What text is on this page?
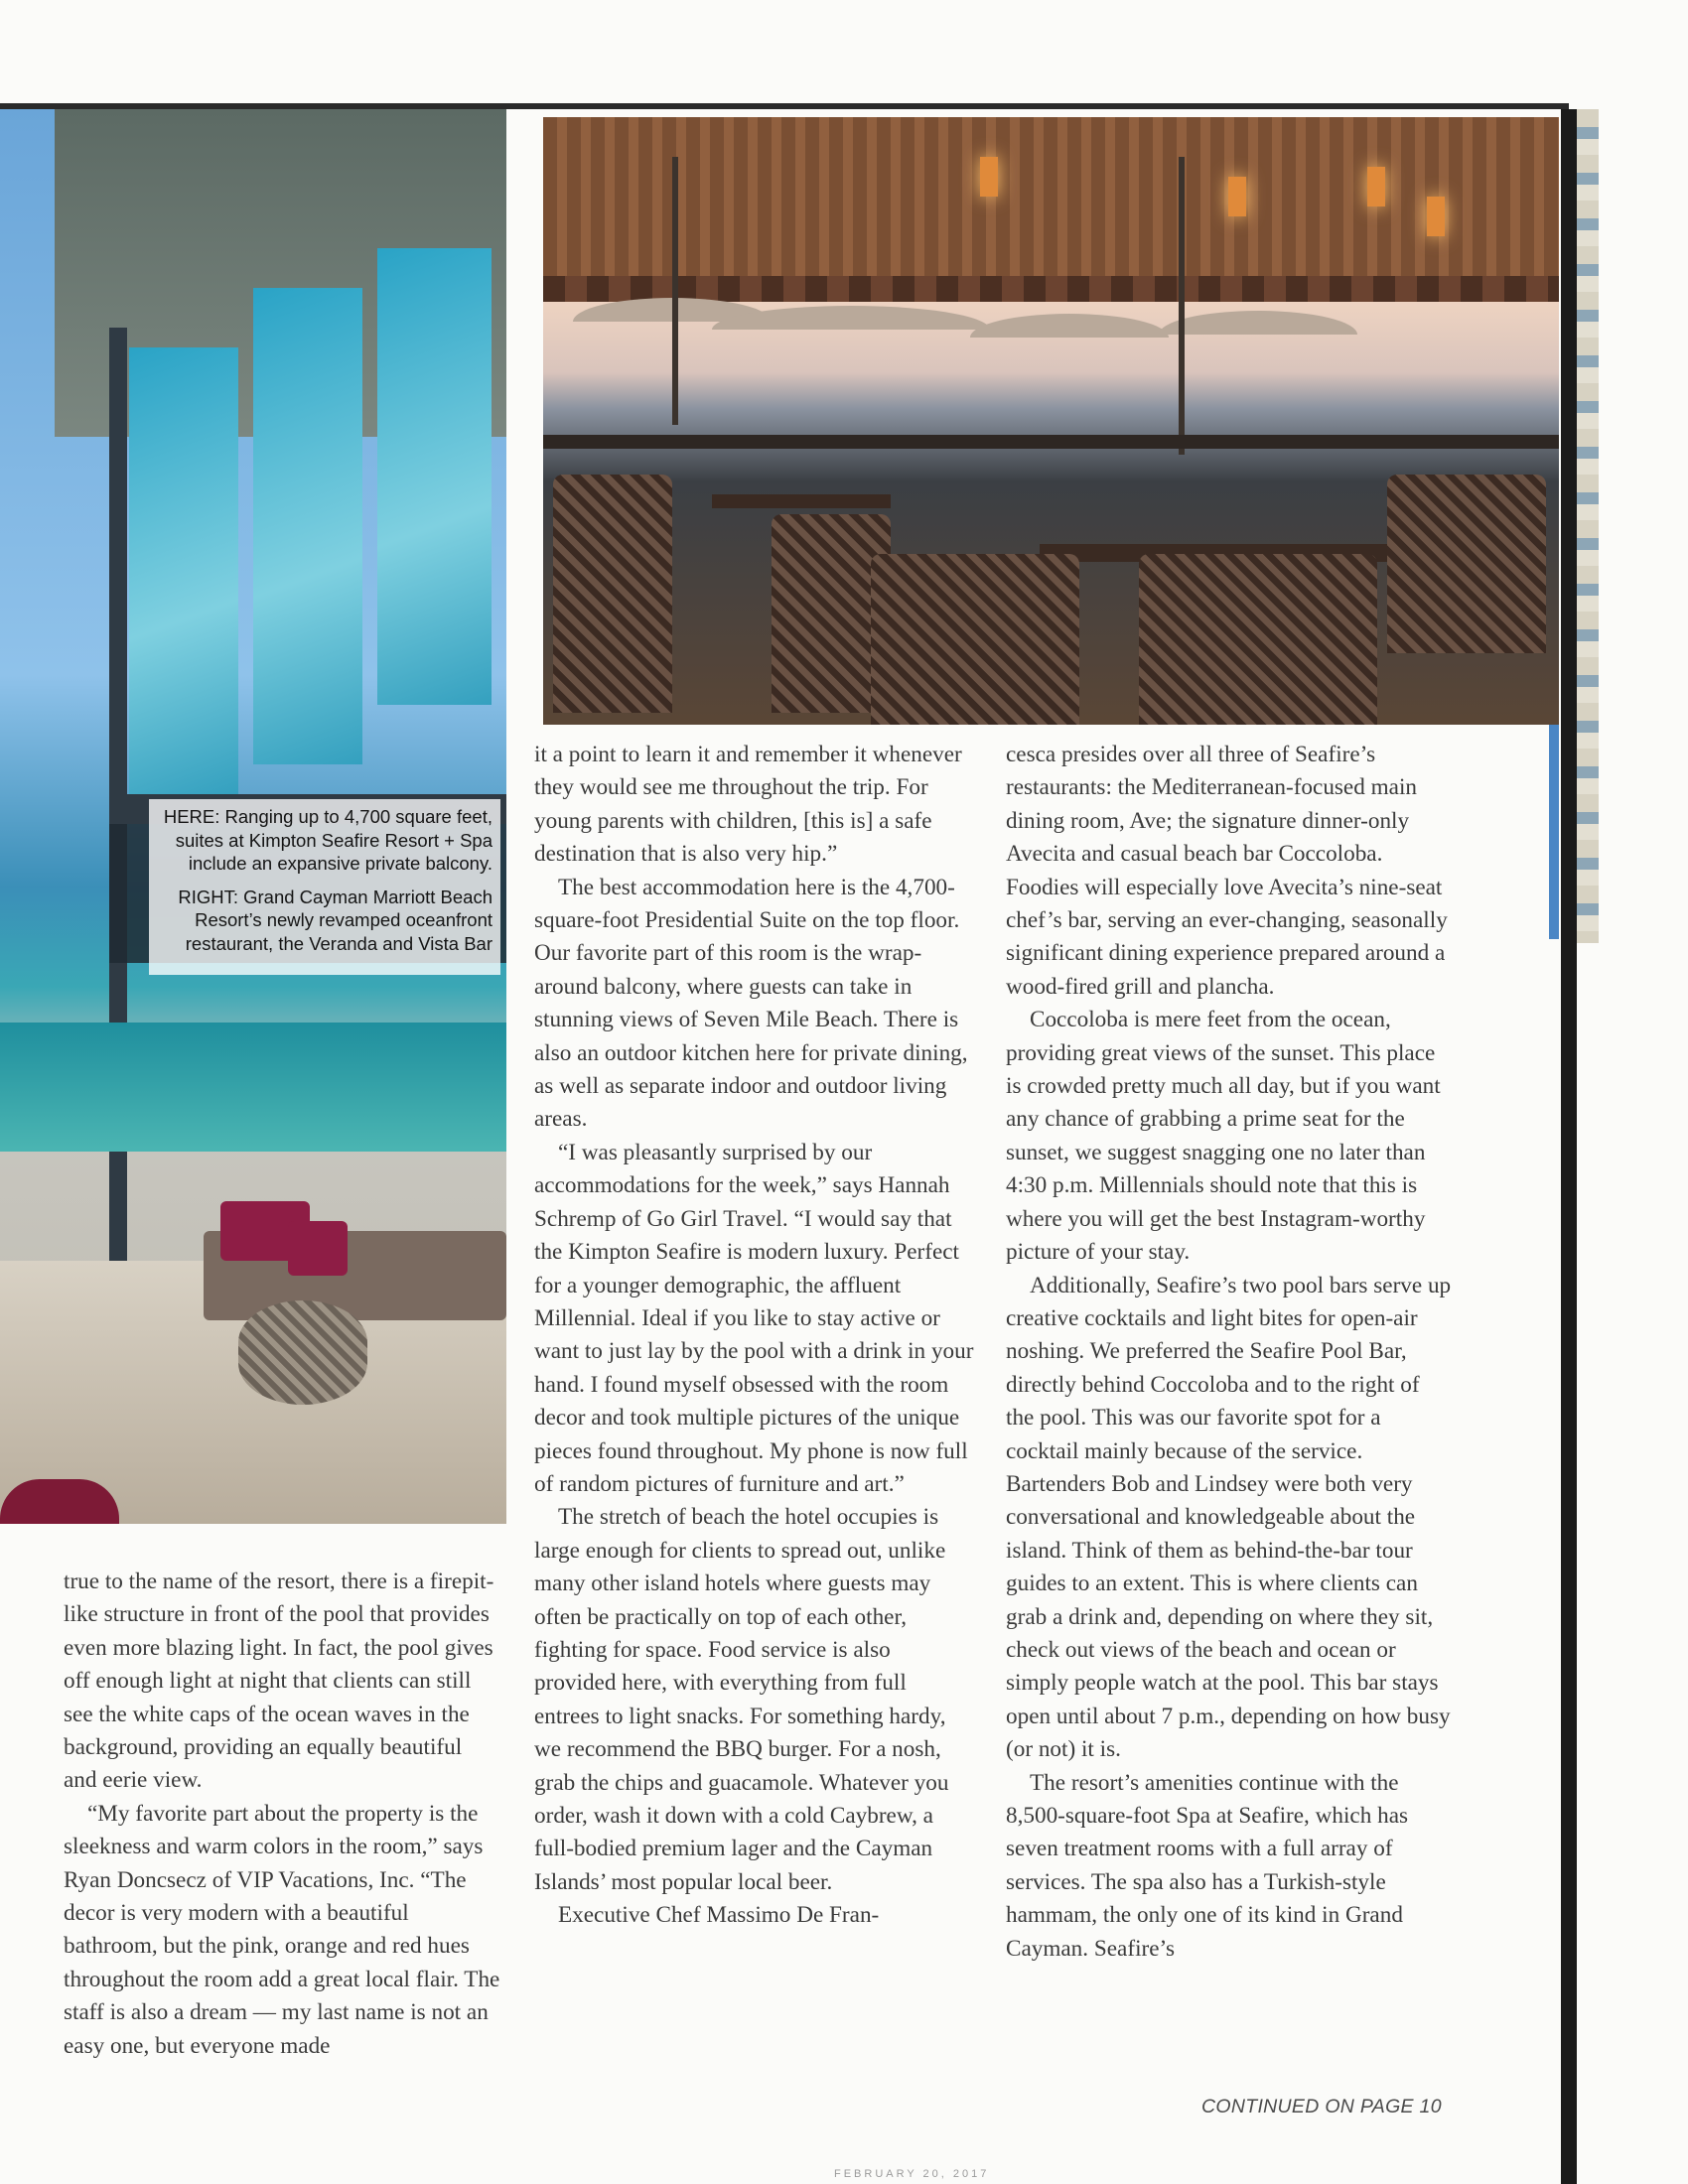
HERE: Ranging up to 4,700 square feet, suites at Kimpton Seafire Resort + Spa include an expansive private balcony.

RIGHT: Grand Cayman Marriott Beach Resort’s newly revamped oceanfront restaurant, the Veranda and Vista Bar

true to the name of the resort, there is a firepit-like structure in front of the pool that provides even more blazing light. In fact, the pool gives off enough light at night that clients can still see the white caps of the ocean waves in the background, providing an equally beautiful and eerie view.

“My favorite part about the property is the sleekness and warm colors in the room,” says Ryan Doncsecz of VIP Vacations, Inc. “The decor is very modern with a beautiful bathroom, but the pink, orange and red hues throughout the room add a great local flair. The staff is also a dream — my last name is not an easy one, but everyone made

it a point to learn it and remember it whenever they would see me throughout the trip. For young parents with children, [this is] a safe destination that is also very hip.”

The best accommodation here is the 4,700-square-foot Presidential Suite on the top floor. Our favorite part of this room is the wrap-around balcony, where guests can take in stunning views of Seven Mile Beach. There is also an outdoor kitchen here for private dining, as well as separate indoor and outdoor living areas.

“I was pleasantly surprised by our accommodations for the week,” says Hannah Schremp of Go Girl Travel. “I would say that the Kimpton Seafire is modern luxury. Perfect for a younger demographic, the affluent Millennial. Ideal if you like to stay active or want to just lay by the pool with a drink in your hand. I found myself obsessed with the room decor and took multiple pictures of the unique pieces found throughout. My phone is now full of random pictures of furniture and art.”

The stretch of beach the hotel occupies is large enough for clients to spread out, unlike many other island hotels where guests may often be practically on top of each other, fighting for space. Food service is also provided here, with everything from full entrees to light snacks. For something hardy, we recommend the BBQ burger. For a nosh, grab the chips and guacamole. Whatever you order, wash it down with a cold Caybrew, a full-bodied premium lager and the Cayman Islands’ most popular local beer.

Executive Chef Massimo De Fran-

cesca presides over all three of Seafire’s restaurants: the Mediterranean-focused main dining room, Ave; the signature dinner-only Avecita and casual beach bar Coccoloba. Foodies will especially love Avecita’s nine-seat chef’s bar, serving an ever-changing, seasonally significant dining experience prepared around a wood-fired grill and plancha.

Coccoloba is mere feet from the ocean, providing great views of the sunset. This place is crowded pretty much all day, but if you want any chance of grabbing a prime seat for the sunset, we suggest snagging one no later than 4:30 p.m. Millennials should note that this is where you will get the best Instagram-worthy picture of your stay.

Additionally, Seafire’s two pool bars serve up creative cocktails and light bites for open-air noshing. We preferred the Seafire Pool Bar, directly behind Coccoloba and to the right of the pool. This was our favorite spot for a cocktail mainly because of the service. Bartenders Bob and Lindsey were both very conversational and knowledgeable about the island. Think of them as behind-the-bar tour guides to an extent. This is where clients can grab a drink and, depending on where they sit, check out views of the beach and ocean or simply people watch at the pool. This bar stays open until about 7 p.m., depending on how busy (or not) it is.

The resort’s amenities continue with the 8,500-square-foot Spa at Seafire, which has seven treatment rooms with a full array of services. The spa also has a Turkish-style hammam, the only one of its kind in Grand Cayman. Seafire’s

CONTINUED ON PAGE 10
FEBRUARY 20, 2017
